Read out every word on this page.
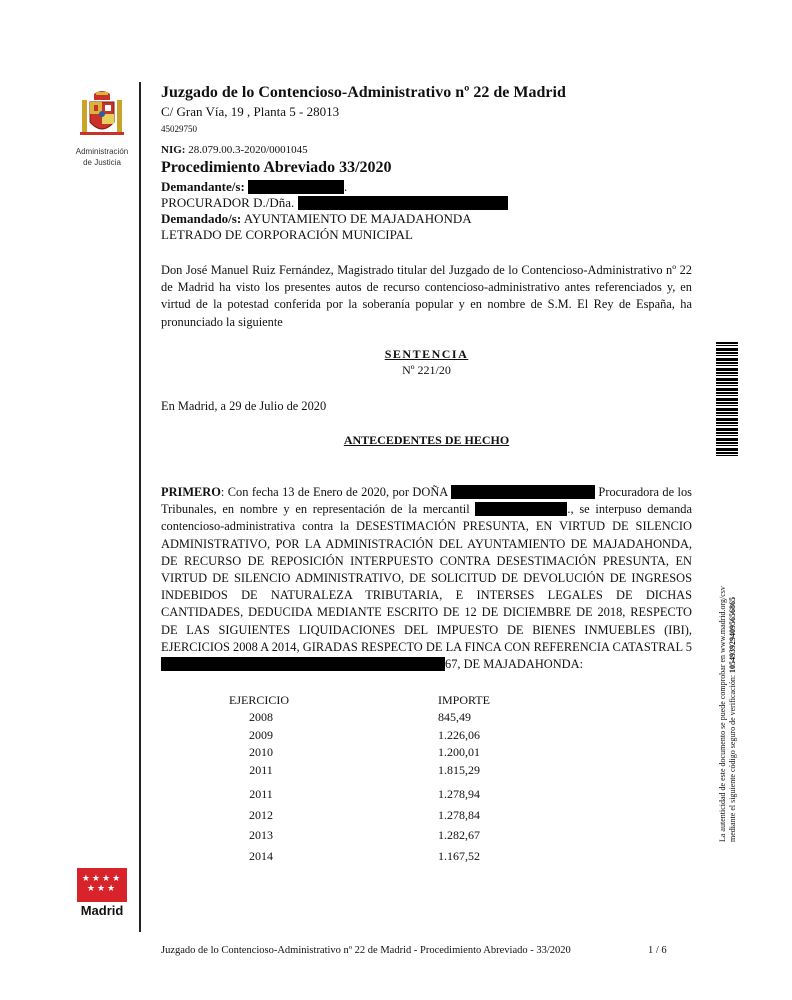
Administración
de Justicia
★★★★ ★★★
Madrid
Juzgado de lo Contencioso-Administrativo nº 22 de Madrid
C/ Gran Vía, 19 , Planta 5 - 28013
45029750
NIG: 28.079.00.3-2020/0001045
Procedimiento Abreviado 33/2020
Demandante/s:	.
PROCURADOR D./Dña.
Demandado/s: AYUNTAMIENTO DE MAJADAHONDA
LETRADO DE CORPORACIÓN MUNICIPAL
Don José Manuel Ruiz Fernández, Magistrado titular del Juzgado de lo Contencioso-Administrativo nº 22 de Madrid ha visto los presentes autos de recurso contencioso-administrativo antes referenciados y, en virtud de la potestad conferida por la soberanía popular y en nombre de S.M. El Rey de España, ha pronunciado la siguiente
SENTENCIA
Nº 221/20
En Madrid, a 29 de Julio de 2020
ANTECEDENTES DE HECHO
PRIMERO: Con fecha 13 de Enero de 2020, por DOÑA	Procuradora de los Tribunales, en nombre y en representación de la mercantil	., se interpuso demanda contencioso-administrativa contra la DESESTIMACIÓN PRESUNTA, EN VIRTUD DE SILENCIO ADMINISTRATIVO, POR LA ADMINISTRACIÓN DEL AYUNTAMIENTO DE MAJADAHONDA, DE RECURSO DE REPOSICIÓN INTERPUESTO CONTRA DESESTIMACIÓN PRESUNTA, EN VIRTUD DE SILENCIO ADMINISTRATIVO, DE SOLICITUD DE DEVOLUCIÓN DE INGRESOS INDEBIDOS DE NATURALEZA TRIBUTARIA, E INTERSES LEGALES DE DICHAS CANTIDADES, DEDUCIDA MEDIANTE ESCRITO DE 12 DE DICIEMBRE DE 2018, RESPECTO DE LAS SIGUIENTES LIQUIDACIONES DEL IMPUESTO DE BIENES INMUEBLES (IBI), EJERCICIOS 2008 A 2014, GIRADAS RESPECTO DE LA FINCA CON REFERENCIA CATASTRAL 567, DE MAJADAHONDA:
EJERCICIO	IMPORTE
2008	845,49
2009	1.226,06
2010	1.200,01
2011	1.815,29
2011	1.278,94
2012	1.278,84
2013	1.282,67
2014	1.167,52
La autenticidad de este documento se puede comprobar en www.madrid.org/csv mediante el siguiente código seguro de verificación: 1054939294095656865
Juzgado de lo Contencioso-Administrativo nº 22 de Madrid - Procedimiento Abreviado - 33/2020	1 / 6
